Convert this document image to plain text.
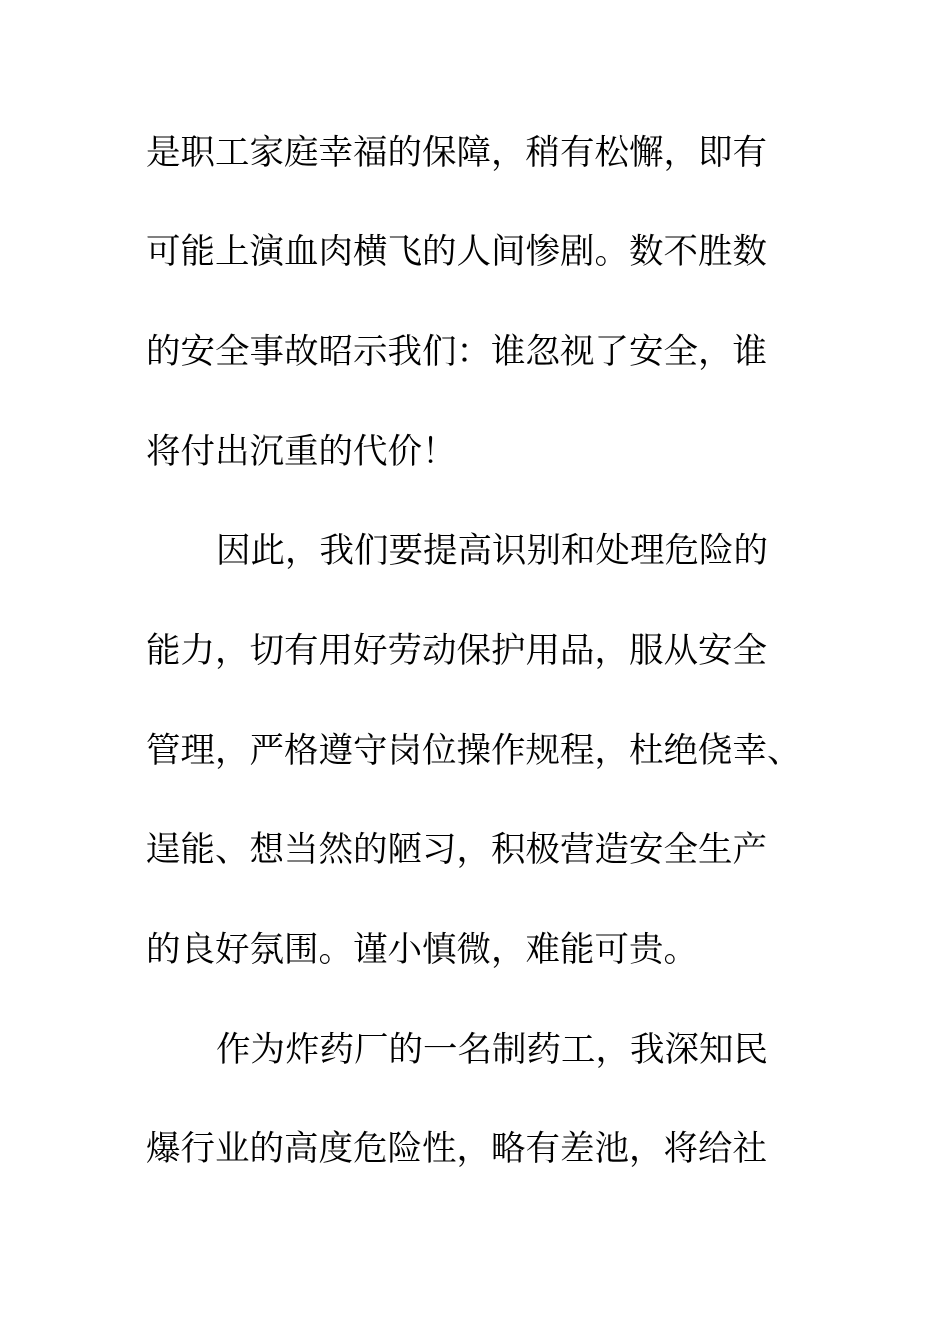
是职工家庭幸福的保障，稍有松懈，即有
可能上演血肉横飞的人间惨剧。数不胜数
的安全事故昭示我们：谁忽视了安全，谁
将付出沉重的代价！
因此，我们要提高识别和处理危险的
能力，切有用好劳动保护用品，服从安全
管理，严格遵守岗位操作规程，杜绝侥幸、
逞能、想当然的陋习，积极营造安全生产
的良好氛围。谨小慎微，难能可贵。
作为炸药厂的一名制药工，我深知民
爆行业的高度危险性，略有差池，将给社
